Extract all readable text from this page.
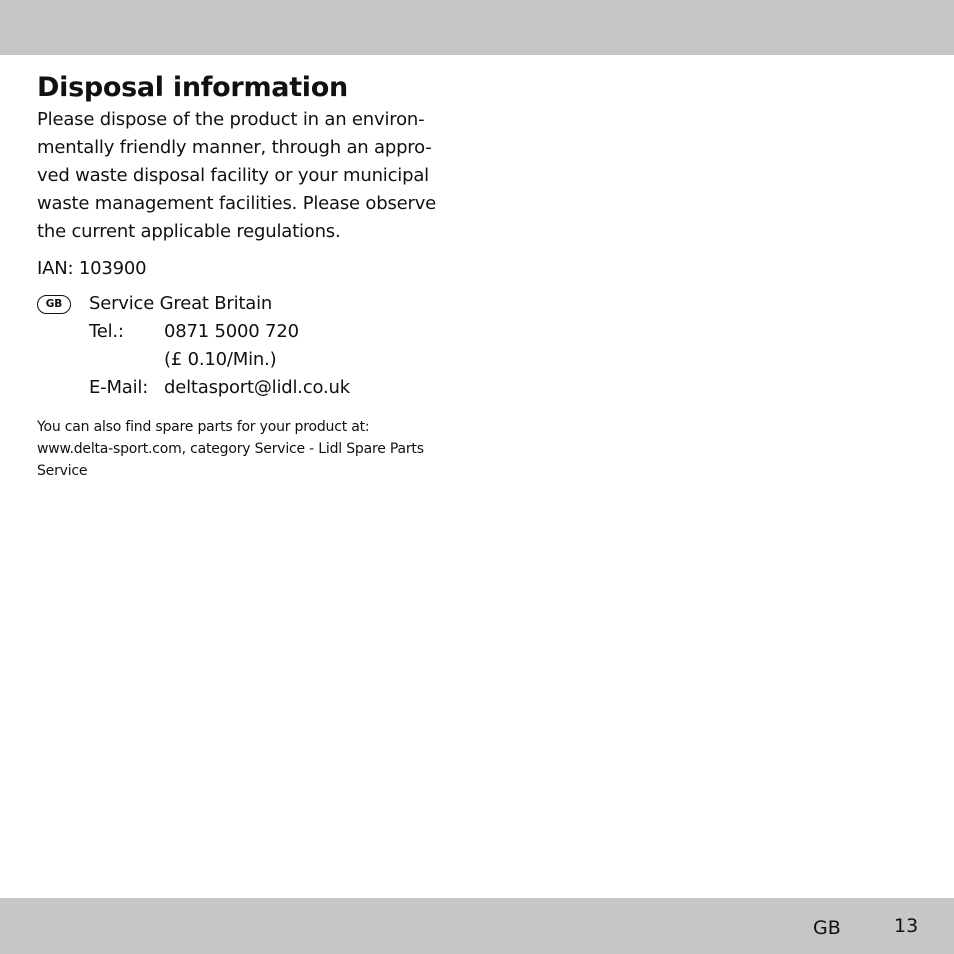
Disposal information

Please dispose of the product in an environ-
mentally friendly manner, through an appro-
ved waste disposal facility or your municipal
waste management facilities. Please observe
the current applicable regulations.

IAN: 103900

GB	Service Great Britain
Tel.:	0871 5000 720
(£ 0.10/Min.)
E-Mail: deltasport@lidl.co.uk

You can also find spare parts for your product at:
www.delta-sport.com, category Service - Lidl Spare Parts
Service

GB	13
